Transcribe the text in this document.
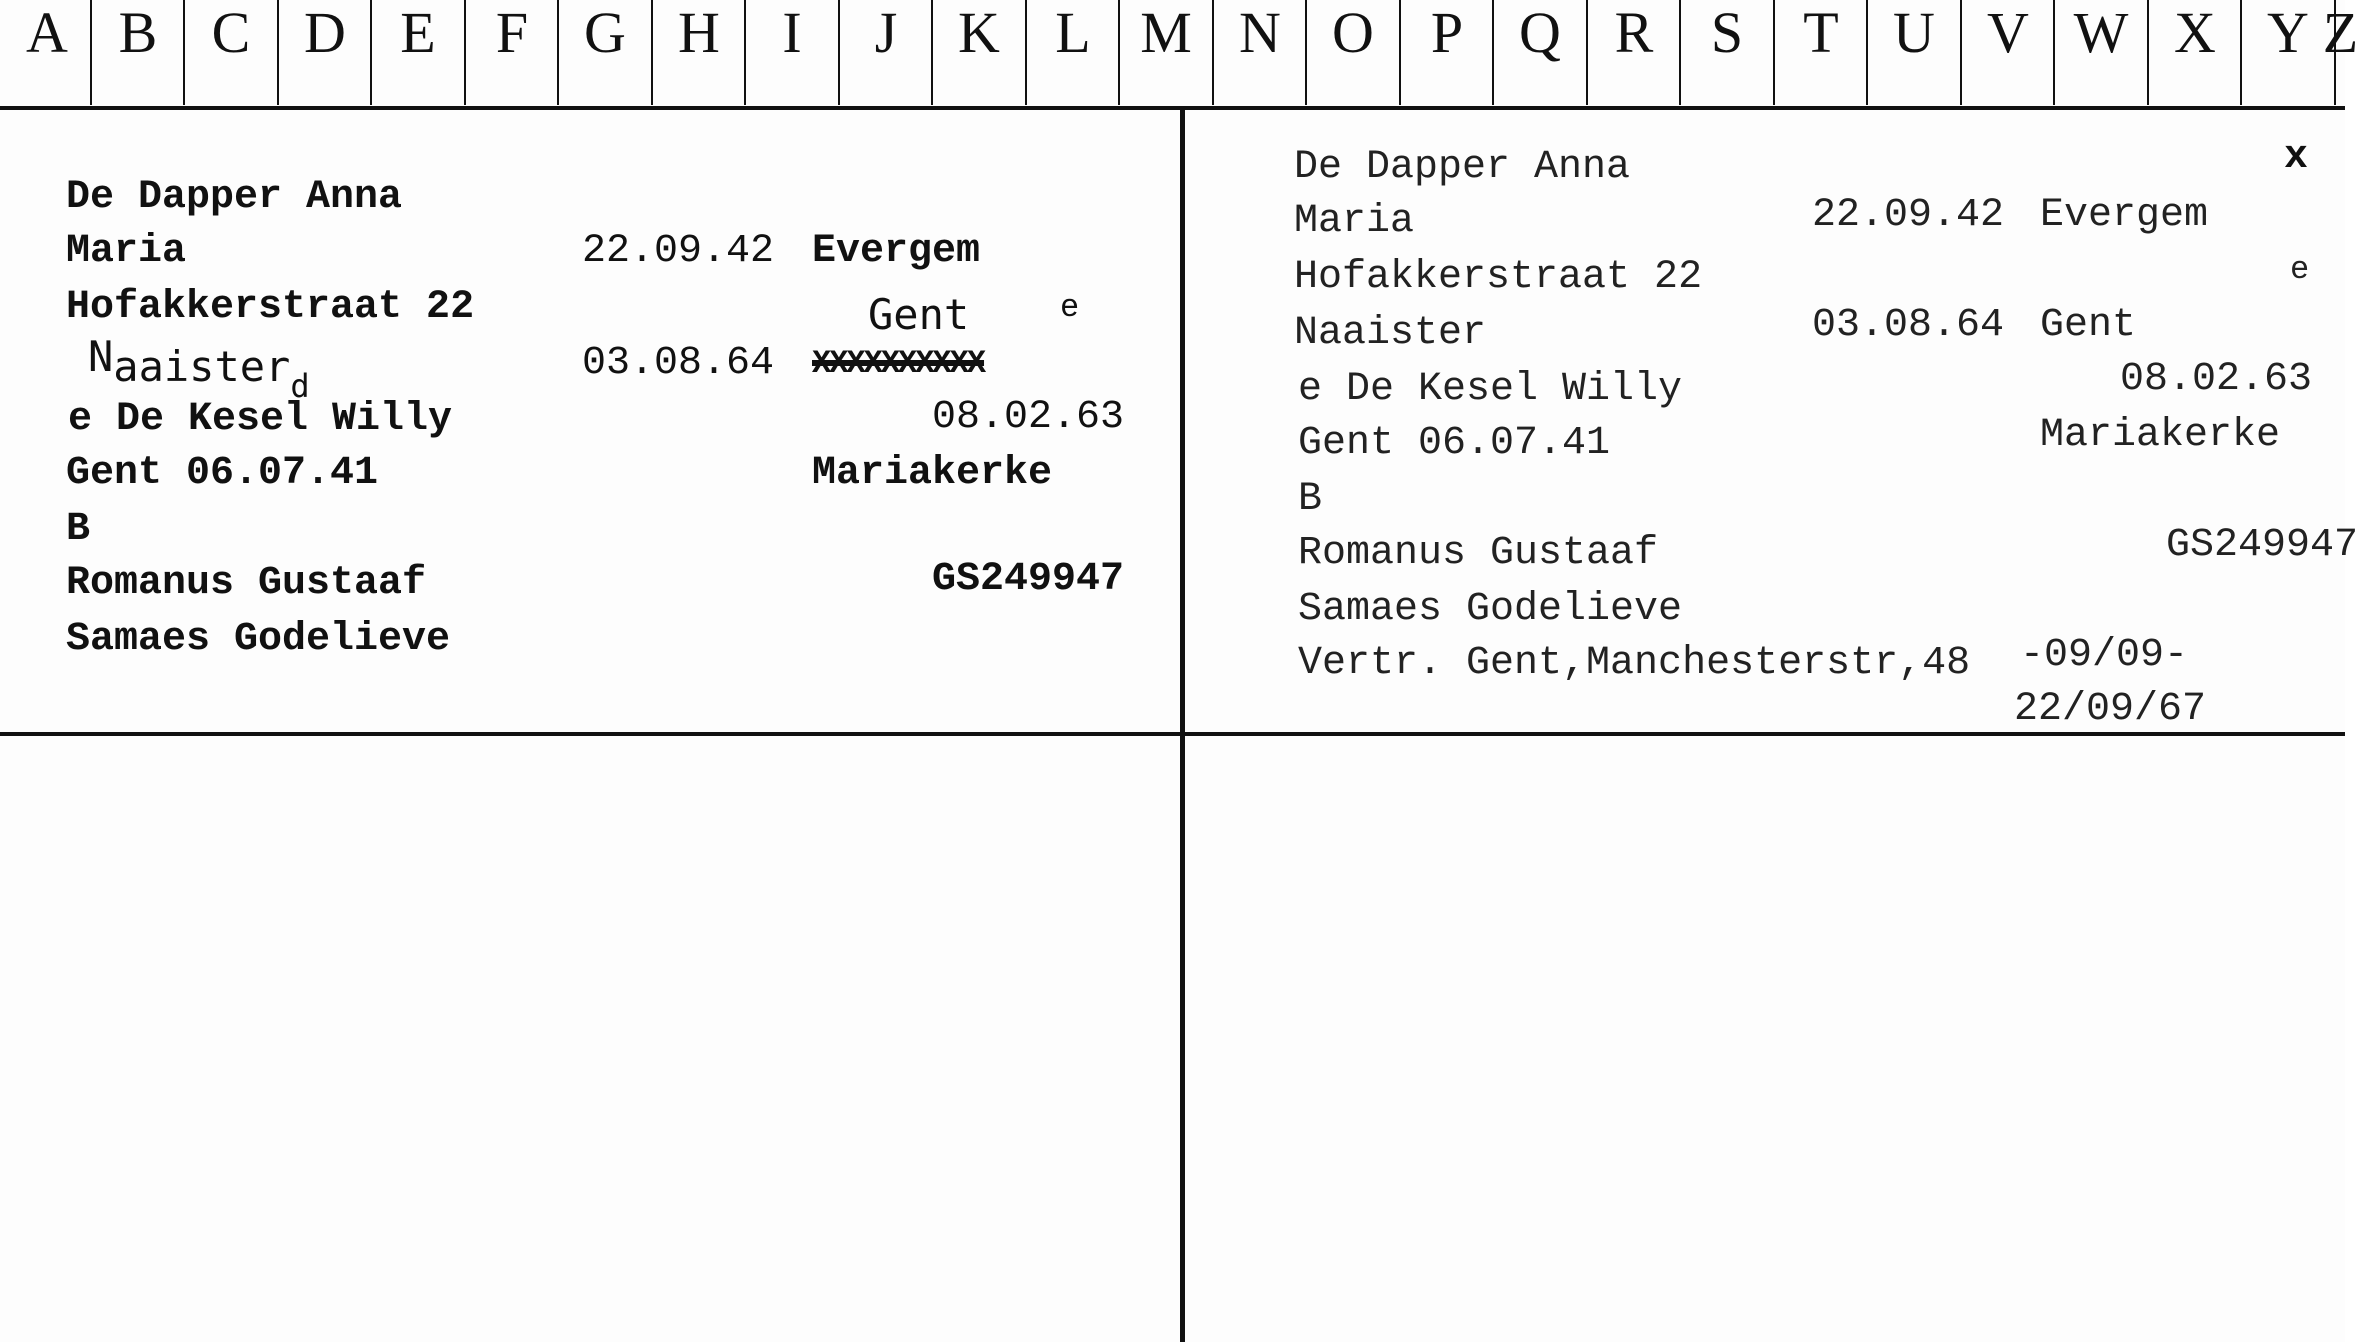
A B C D E	F G H	I	J	K L M N O P Q R S	T U V W X Y Z
De Dapper Anna
Maria	22.09.42 Evergem
Hofakkerstraat 22	Gent	e
Naaister$_d$	03.08.64 XXXXXXXXXX
e De Kesel Willy	08.02.63
Gent 06.07.41	Mariakerke
B
Romanus Gustaaf	GS249947
Samaes Godelieve
De Dapper Anna	x
Maria	22.09.42 Evergem
Hofakkerstraat 22	e
Naaister	03.08.64 Gent
e De Kesel Willy	08.02.63
Gent 06.07.41	Mariakerke
B
Romanus Gustaaf	GS249947
Samaes Godelieve
Vertr. Gent,Manchesterstr,48 -09/09-
22/09/67
